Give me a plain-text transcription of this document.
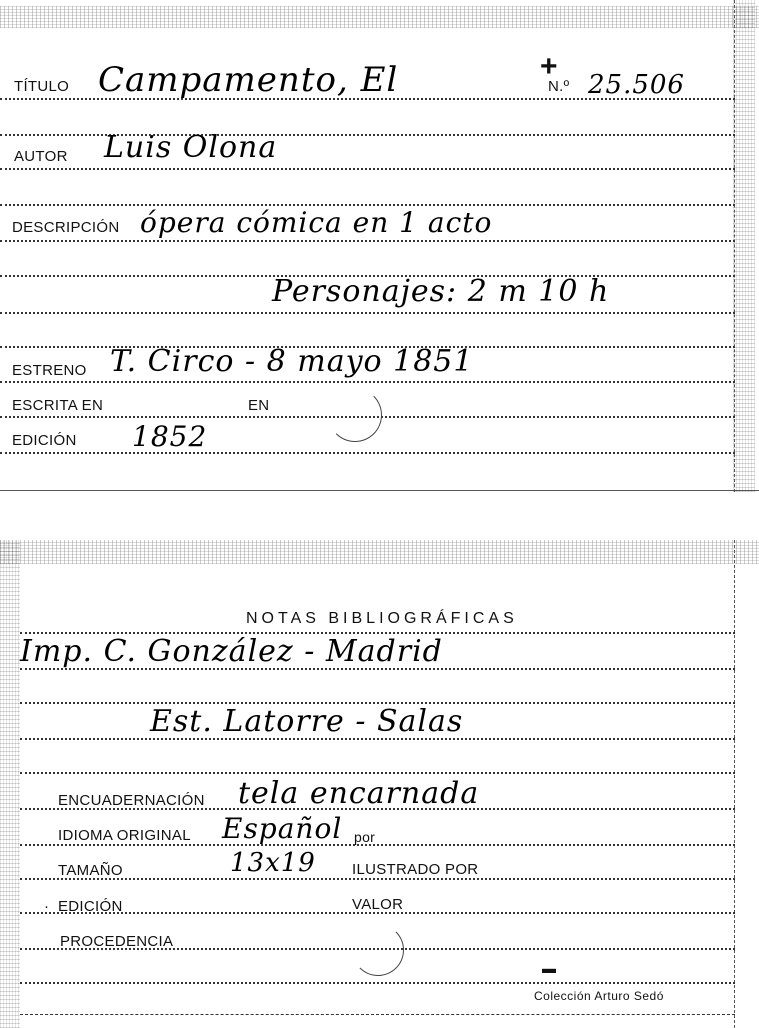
TÍTULO Campamento, El	+
N.º 25.506
AUTOR Luis Olona
DESCRIPCIÓN ópera cómica en 1 acto
Personajes: 2 m 10 h
ESTRENO T. Circo - 8 mayo 1851
ESCRITA EN	EN
EDICIÓN 1852
NOTAS BIBLIOGRÁFICAS
Imp. C. González - Madrid
Est. Latorre - Salas
ENCUADERNACIÓN tela encarnada
IDIOMA ORIGINAL Español por
TAMAÑO	13x19 ILUSTRADO POR
· EDICIÓN	VALOR
PROCEDENCIA
▬
Colección Arturo Sedó
